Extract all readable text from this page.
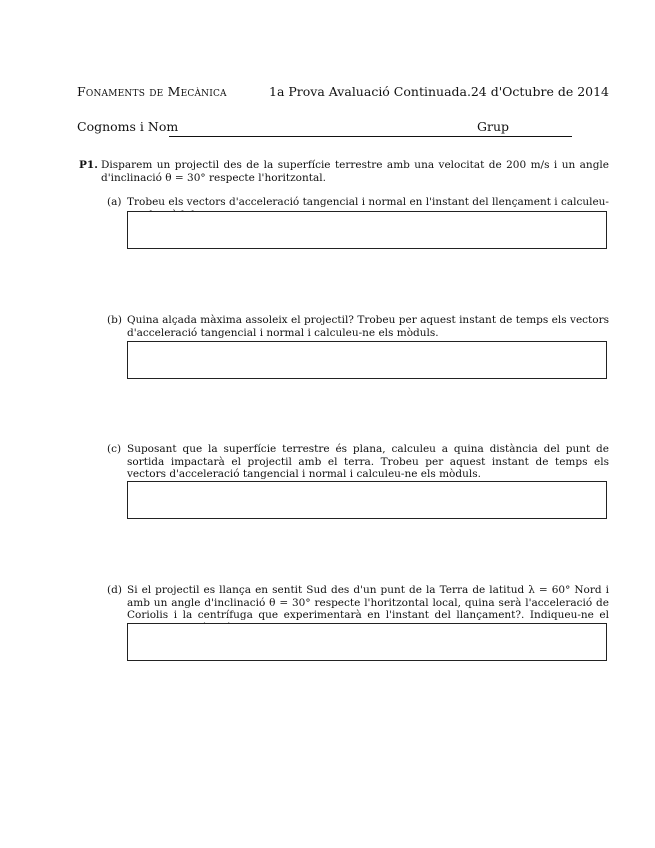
Fonaments de Mecànica	1a Prova Avaluació Continuada. 24 d'Octubre de 2014
Cognoms i Nom	Grup
P1. Disparem un projectil des de la superfície terrestre amb una velocitat de 200 m/s i un angle d'inclinació θ = 30° respecte l'horitzontal.
(a) Trobeu els vectors d'acceleració tangencial i normal en l'instant del llençament i calculeu-
(b) Quina alçada màxima assoleix el projectil? Trobeu per aquest instant de temps els vectors d'acceleració tangencial i normal i calculeu-ne els mòduls.
(c) Suposant que la superfície terrestre és plana, calculeu a quina distància del punt de sortida impactarà el projectil amb el terra. Trobeu per aquest instant de temps els vectors d'acceleració tangencial i normal i calculeu-ne els mòduls.
(d) Si el projectil es llança en sentit Sud des d'un punt de la Terra de latitud λ = 60° Nord i amb un angle d'inclinació θ = 30° respecte l'horitzontal local, quina serà l'acceleració de Coriolis i la centrífuga que experimentarà en l'instant del llançament?. Indiqueu-ne el
